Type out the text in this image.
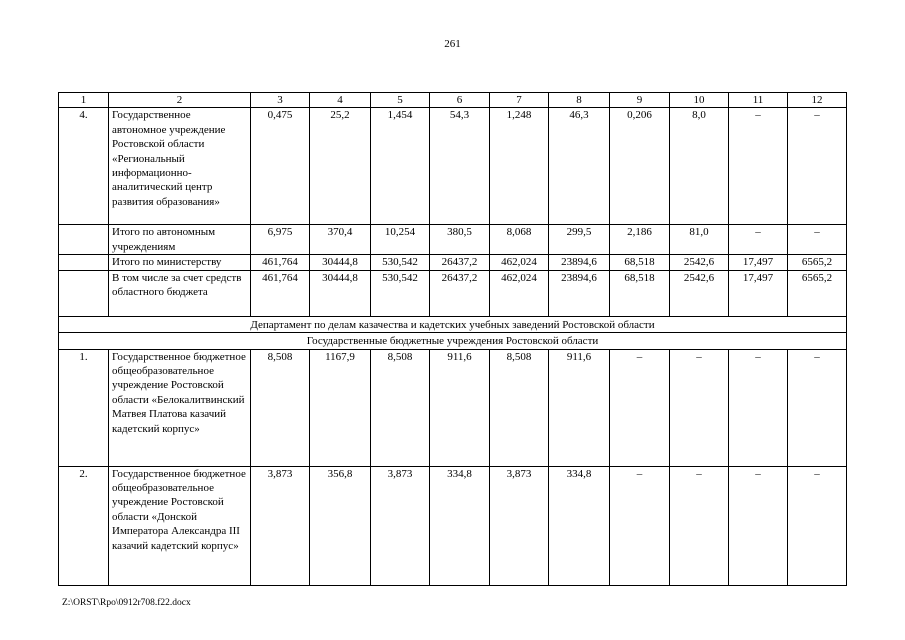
261
1	2	3	4	5	6	7	8	9	10	11	12
4.	Государственное автономное учреждение Ростовской области «Региональный информационно-аналитический центр развития образования»	0,475	25,2	1,454	54,3	1,248	46,3	0,206	8,0	–	–
	Итого по автономным учреждениям	6,975	370,4	10,254	380,5	8,068	299,5	2,186	81,0	–	–
	Итого по министерству	461,764	30444,8	530,542	26437,2	462,024	23894,6	68,518	2542,6	17,497	6565,2
	В том числе за счет средств областного бюджета	461,764	30444,8	530,542	26437,2	462,024	23894,6	68,518	2542,6	17,497	6565,2
Департамент по делам казачества и кадетских учебных заведений Ростовской области											
Государственные бюджетные учреждения Ростовской области											
1.	Государственное бюджетное общеобразовательное учреждение Ростовской области «Белокалитвинский Матвея Платова казачий кадетский корпус»	8,508	1167,9	8,508	911,6	8,508	911,6	–	–	–	–
2.	Государственное бюджетное общеобразовательное учреждение Ростовской области «Донской Императора Александра III казачий кадетский корпус»	3,873	356,8	3,873	334,8	3,873	334,8	–	–	–	–
Z:\ORST\Rpo\0912r708.f22.docx
